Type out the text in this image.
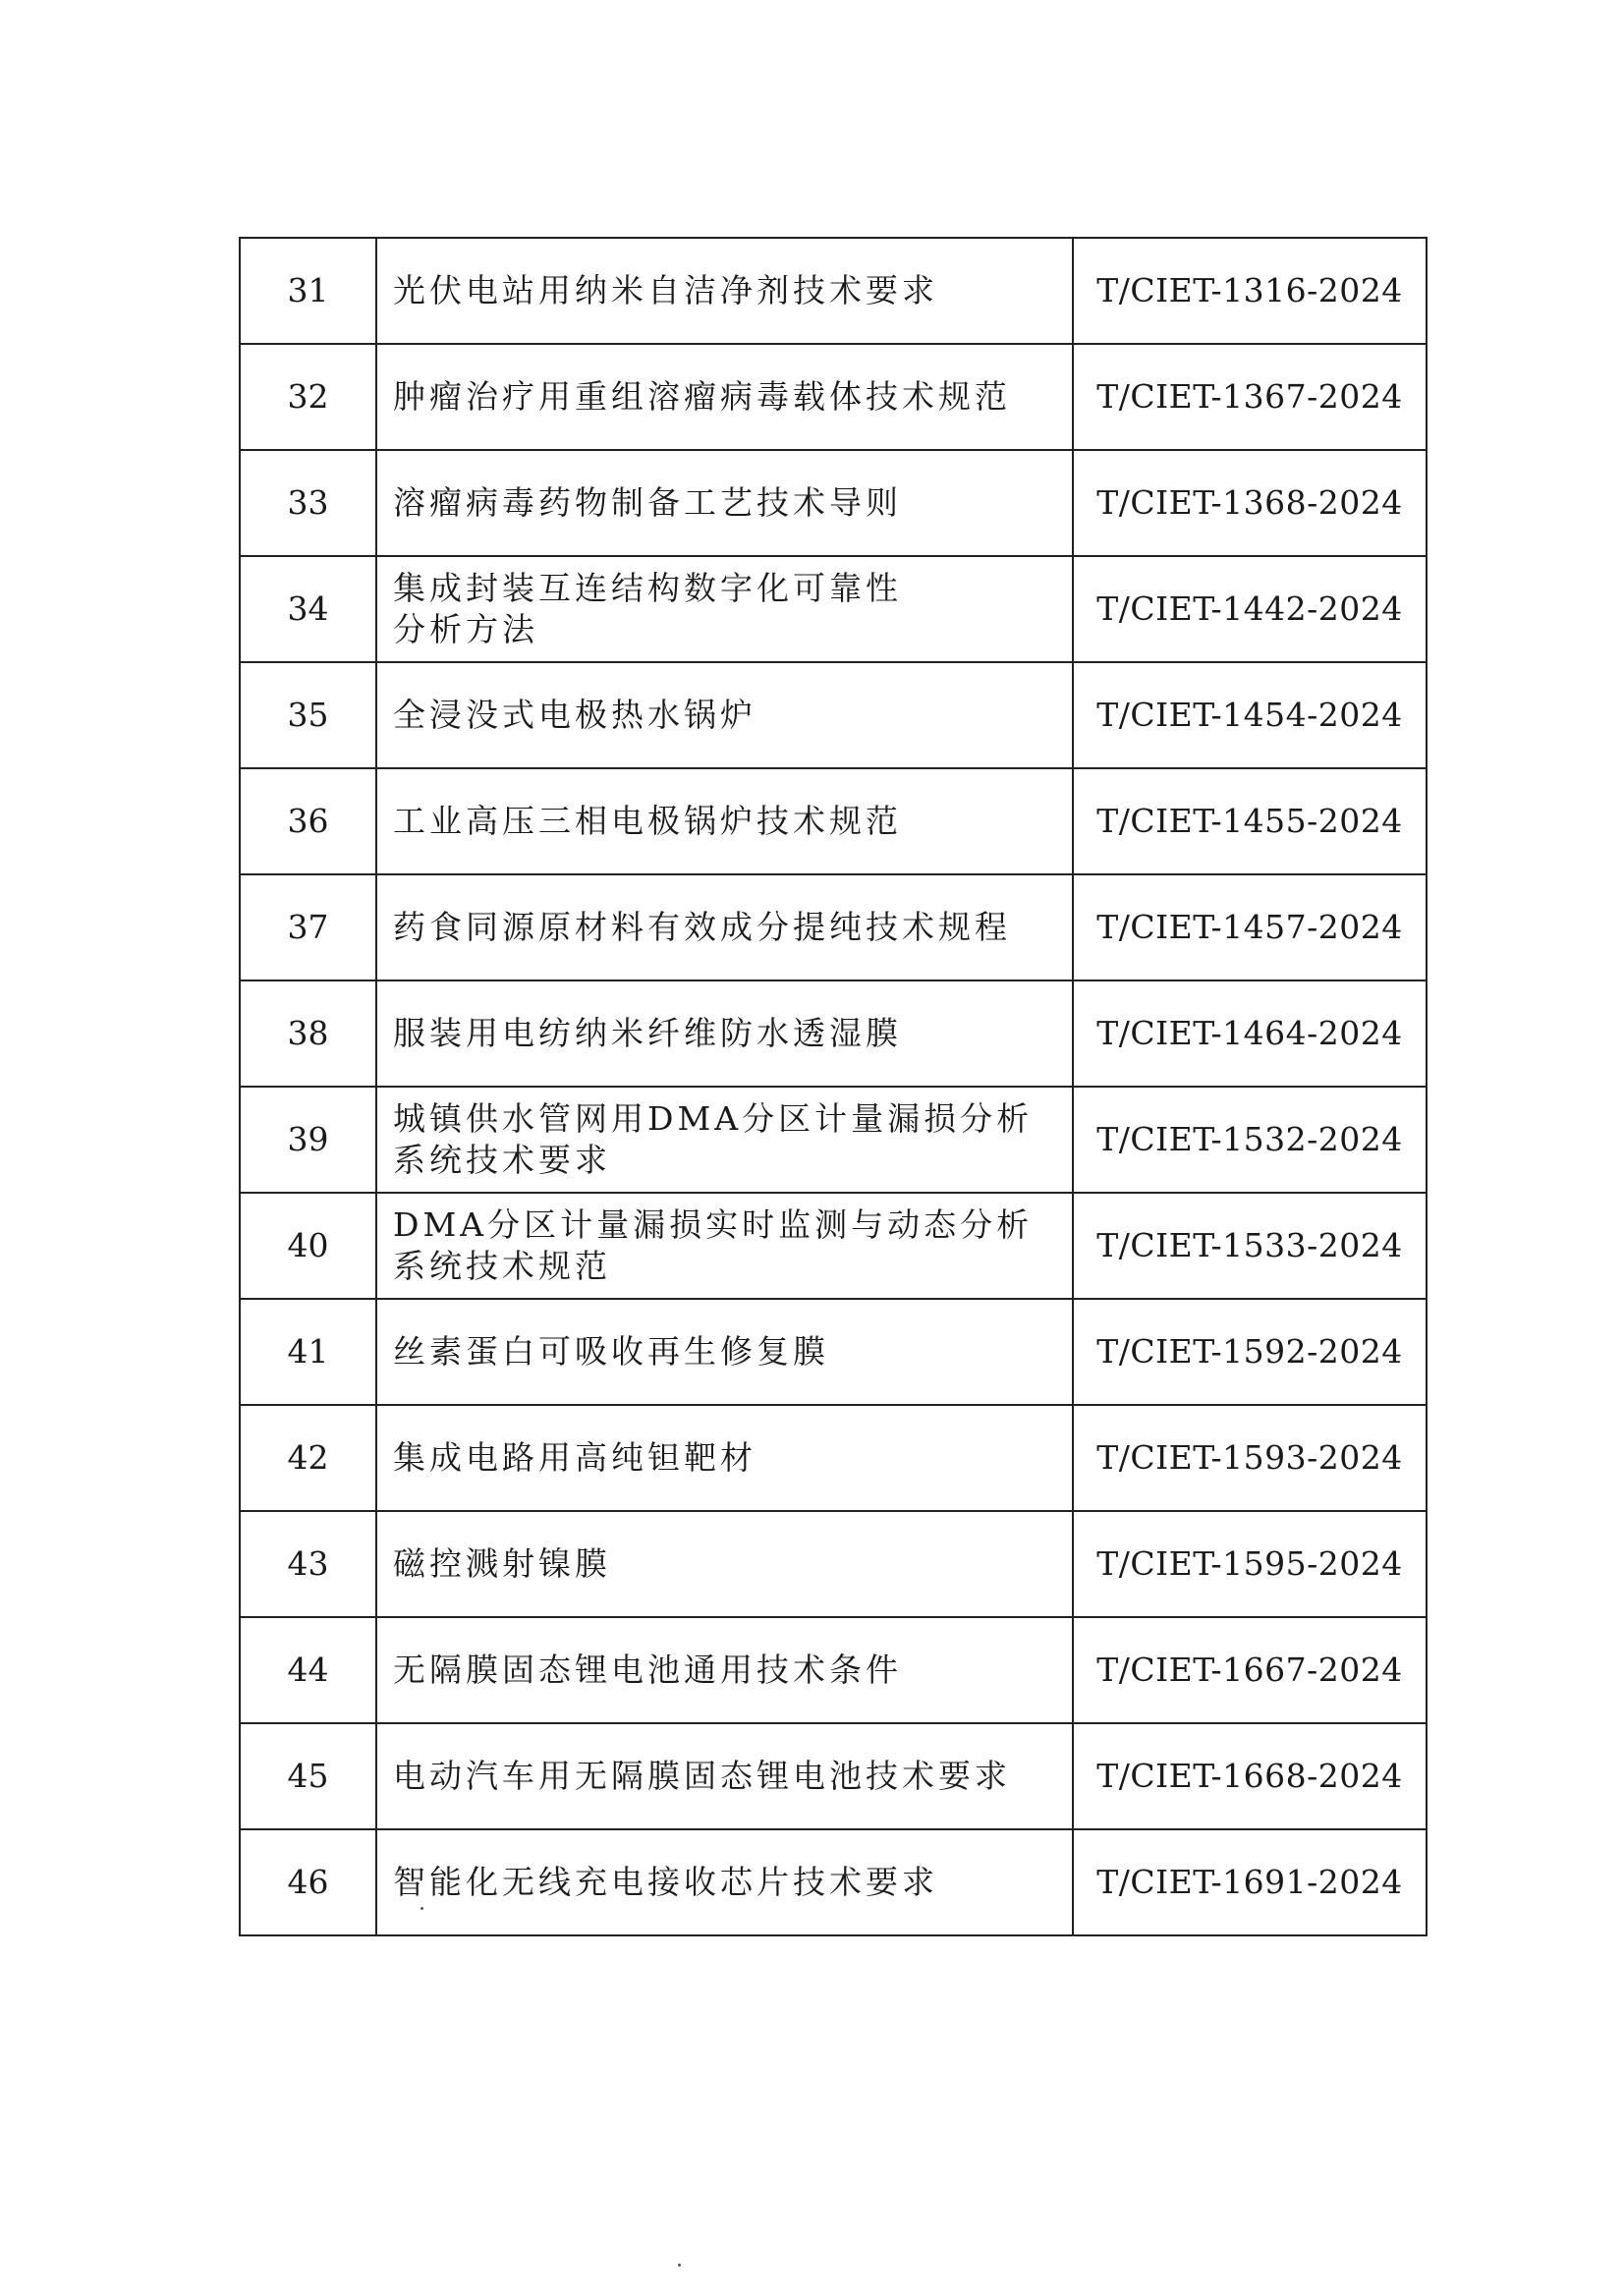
31	光伏电站用纳米自洁净剂技术要求	T/CIET-1316-2024
32	肿瘤治疗用重组溶瘤病毒载体技术规范	T/CIET-1367-2024
33	溶瘤病毒药物制备工艺技术导则	T/CIET-1368-2024
34	集成封装互连结构数字化可靠性
分析方法	T/CIET-1442-2024
35	全浸没式电极热水锅炉	T/CIET-1454-2024
36	工业高压三相电极锅炉技术规范	T/CIET-1455-2024
37	药食同源原材料有效成分提纯技术规程	T/CIET-1457-2024
38	服装用电纺纳米纤维防水透湿膜	T/CIET-1464-2024
39	城镇供水管网用DMA分区计量漏损分析
系统技术要求	T/CIET-1532-2024
40	DMA分区计量漏损实时监测与动态分析
系统技术规范	T/CIET-1533-2024
41	丝素蛋白可吸收再生修复膜	T/CIET-1592-2024
42	集成电路用高纯钽靶材	T/CIET-1593-2024
43	磁控溅射镍膜	T/CIET-1595-2024
44	无隔膜固态锂电池通用技术条件	T/CIET-1667-2024
45	电动汽车用无隔膜固态锂电池技术要求	T/CIET-1668-2024
46	智能化无线充电接收芯片技术要求	T/CIET-1691-2024
